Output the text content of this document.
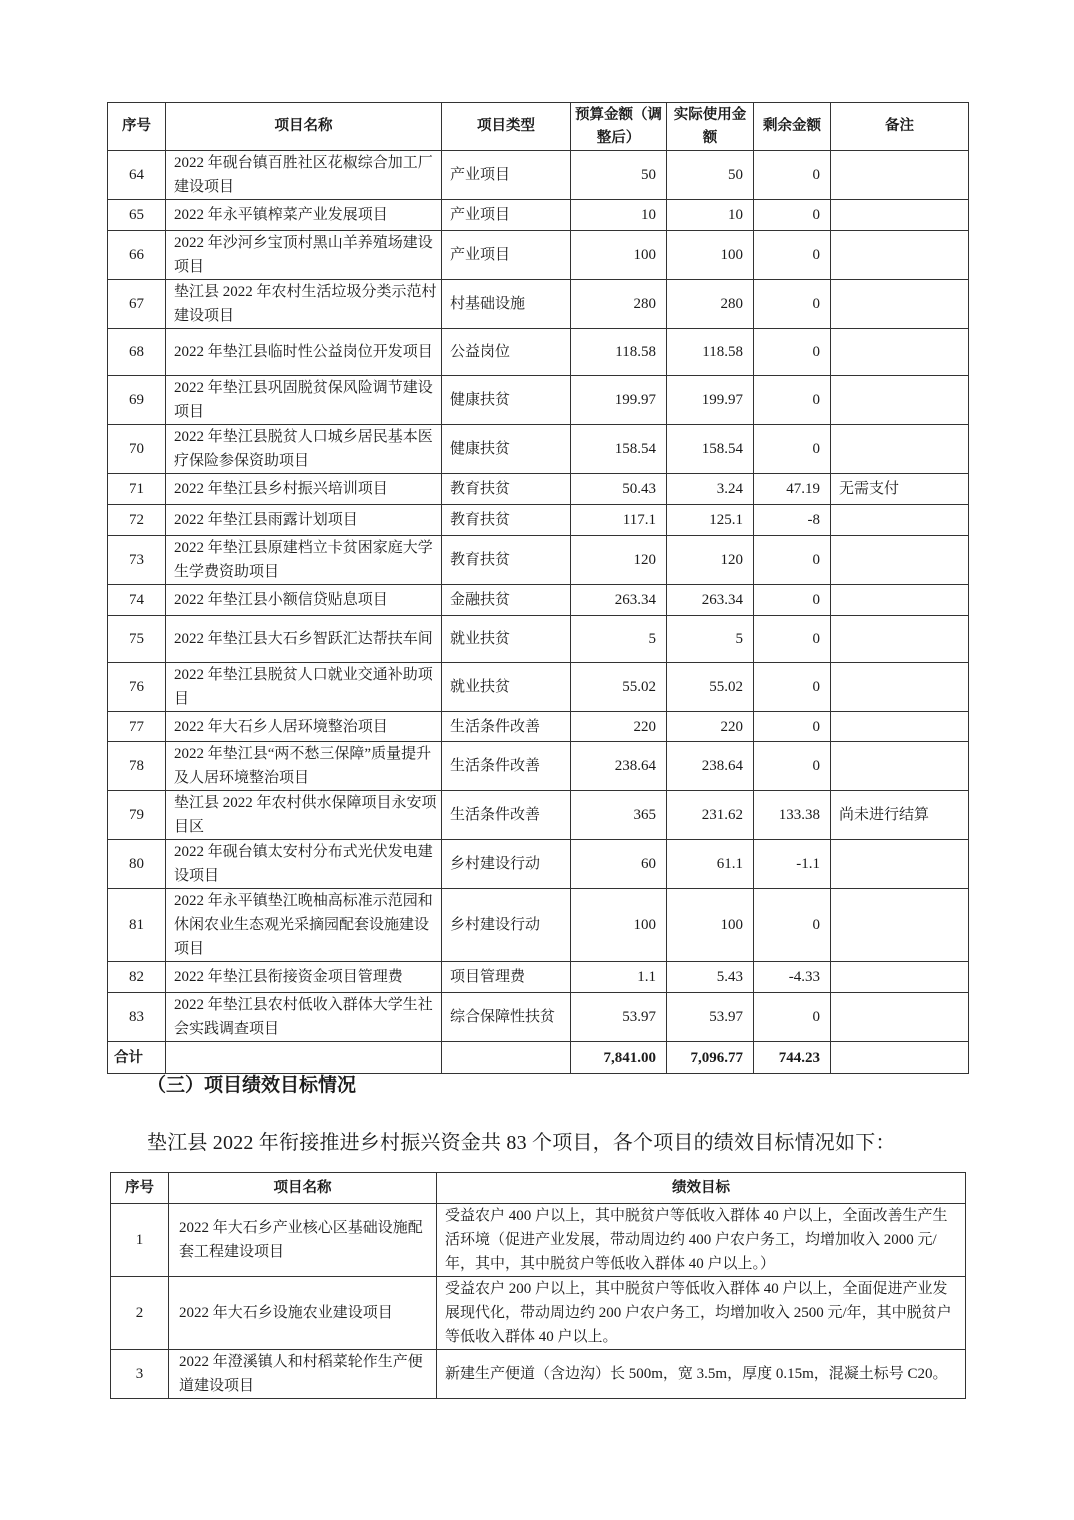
序号	项目名称	项目类型	预算金额（调整后）	实际使用金额	剩余金额	备注
64	2022 年砚台镇百胜社区花椒综合加工厂建设项目	产业项目	50	50	0	
65	2022 年永平镇榨菜产业发展项目	产业项目	10	10	0	
66	2022 年沙河乡宝顶村黑山羊养殖场建设项目	产业项目	100	100	0	
67	垫江县 2022 年农村生活垃圾分类示范村建设项目	村基础设施	280	280	0	
68	2022 年垫江县临时性公益岗位开发项目	公益岗位	118.58	118.58	0	
69	2022 年垫江县巩固脱贫保风险调节建设项目	健康扶贫	199.97	199.97	0	
70	2022 年垫江县脱贫人口城乡居民基本医疗保险参保资助项目	健康扶贫	158.54	158.54	0	
71	2022 年垫江县乡村振兴培训项目	教育扶贫	50.43	3.24	47.19	无需支付
72	2022 年垫江县雨露计划项目	教育扶贫	117.1	125.1	-8	
73	2022 年垫江县原建档立卡贫困家庭大学生学费资助项目	教育扶贫	120	120	0	
74	2022 年垫江县小额信贷贴息项目	金融扶贫	263.34	263.34	0	
75	2022 年垫江县大石乡智跃汇达帮扶车间	就业扶贫	5	5	0	
76	2022 年垫江县脱贫人口就业交通补助项目	就业扶贫	55.02	55.02	0	
77	2022 年大石乡人居环境整治项目	生活条件改善	220	220	0	
78	2022 年垫江县“两不愁三保障”质量提升及人居环境整治项目	生活条件改善	238.64	238.64	0	
79	垫江县 2022 年农村供水保障项目永安项目区	生活条件改善	365	231.62	133.38	尚未进行结算
80	2022 年砚台镇太安村分布式光伏发电建设项目	乡村建设行动	60	61.1	-1.1	
81	2022 年永平镇垫江晚柚高标准示范园和休闲农业生态观光采摘园配套设施建设项目	乡村建设行动	100	100	0	
82	2022 年垫江县衔接资金项目管理费	项目管理费	1.1	5.43	-4.33	
83	2022 年垫江县农村低收入群体大学生社会实践调查项目	综合保障性扶贫	53.97	53.97	0	
合计			7,841.00	7,096.77	744.23	
（三）项目绩效目标情况
垫江县 2022 年衔接推进乡村振兴资金共 83 个项目，各个项目的绩效目标情况如下：
序号	项目名称	绩效目标
1	2022 年大石乡产业核心区基础设施配套工程建设项目	受益农户 400 户以上，其中脱贫户等低收入群体 40 户以上，全面改善生产生活环境（促进产业发展，带动周边约 400 户农户务工，均增加收入 2000 元/年，其中，其中脱贫户等低收入群体 40 户以上。）
2	2022 年大石乡设施农业建设项目	受益农户 200 户以上，其中脱贫户等低收入群体 40 户以上，全面促进产业发展现代化，带动周边约 200 户农户务工，均增加收入 2500 元/年，其中脱贫户等低收入群体 40 户以上。
3	2022 年澄溪镇人和村稻菜轮作生产便道建设项目	新建生产便道（含边沟）长 500m，宽 3.5m，厚度 0.15m，混凝土标号 C20。
